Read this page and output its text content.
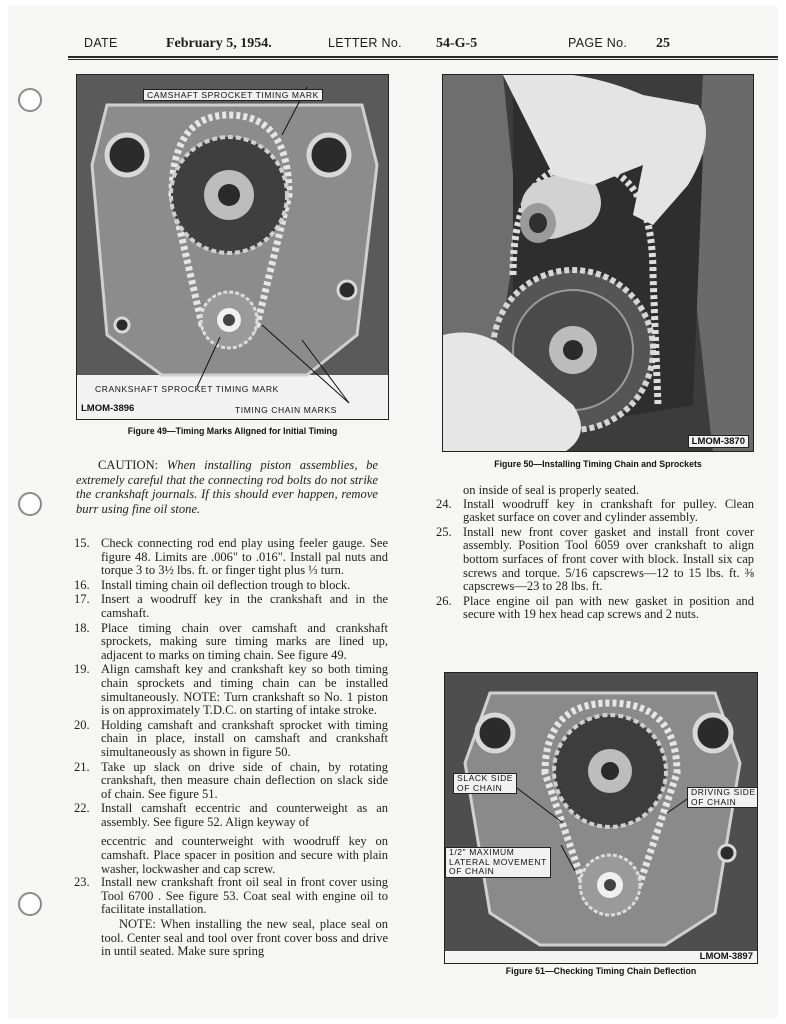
DATE	February 5, 1954.	LETTER No. 54-G-5	PAGE No. 25
CAMSHAFT SPROCKET TIMING MARK
CRANKSHAFT SPROCKET TIMING MARK
LMOM-3896	TIMING CHAIN MARKS
Figure 49—Timing Marks Aligned for Initial Timing
CAUTION: When installing piston assemblies, be extremely careful that the connecting rod bolts do not strike the crankshaft journals. If this should ever happen, remove burr using fine oil stone.
LMOM-3870
Figure 50—Installing Timing Chain and Sprockets
SLACK SIDE
OF CHAIN	DRIVING SIDE
OF CHAIN
1/2" MAXIMUM
LATERAL MOVEMENT
OF CHAIN
LMOM-3897
Figure 51—Checking Timing Chain Deflection
15. Check connecting rod end play using feeler gauge. See figure 48. Limits are .006" to .016". Install pal nuts and torque 3 to 3½ lbs. ft. or finger tight plus ⅓ turn.
16. Install timing chain oil deflection trough to block.
17. Insert a woodruff key in the crankshaft and in the camshaft.
18. Place timing chain over camshaft and crankshaft sprockets, making sure timing marks are lined up, adjacent to marks on timing chain. See figure 49.
19. Align camshaft key and crankshaft key so both timing chain sprockets and timing chain can be installed simultaneously. NOTE: Turn crankshaft so No. 1 piston is on approximately T.D.C. on starting of intake stroke.
20. Holding camshaft and crankshaft sprocket with timing chain in place, install on camshaft and crankshaft simultaneously as shown in figure 50.
21. Take up slack on drive side of chain, by rotating crankshaft, then measure chain deflection on slack side of chain. See figure 51.
22. Install camshaft eccentric and counterweight as an assembly. See figure 52. Align keyway of
eccentric and counterweight with woodruff key on camshaft. Place spacer in position and secure with plain washer, lockwasher and cap screw.
23. Install new crankshaft front oil seal in front cover using Tool 6700 . See figure 53. Coat seal with engine oil to facilitate installation.
NOTE: When installing the new seal, place seal on tool. Center seal and tool over front cover boss and drive in until seated. Make sure spring
on inside of seal is properly seated.
24. Install woodruff key in crankshaft for pulley. Clean gasket surface on cover and cylinder assembly.
25. Install new front cover gasket and install front cover assembly. Position Tool 6059 over crankshaft to align bottom surfaces of front cover with block. Install six cap screws and torque. 5/16 capscrews—12 to 15 lbs. ft. ⅜ capscrews—23 to 28 lbs. ft.
26. Place engine oil pan with new gasket in position and secure with 19 hex head cap screws and 2 nuts.
